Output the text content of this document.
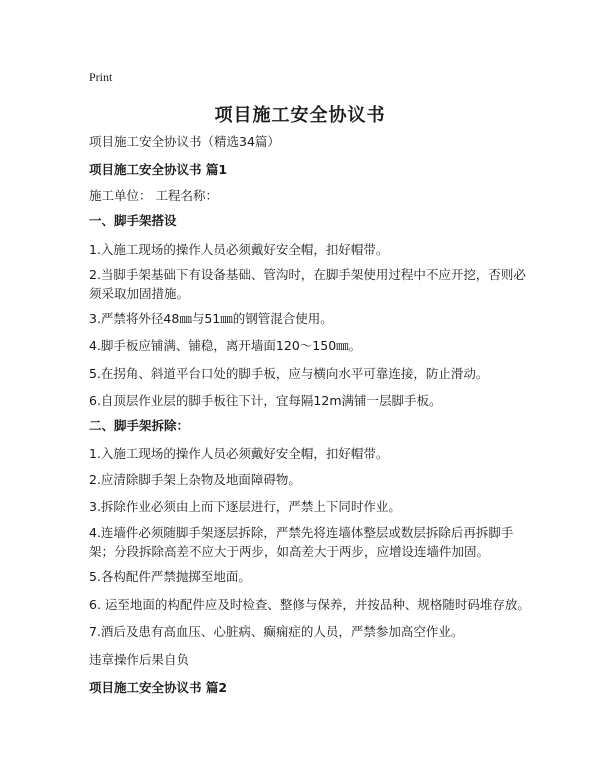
Print
项目施工安全协议书
项目施工安全协议书（精选34篇）
项目施工安全协议书 篇1
施工单位： 工程名称：
一、脚手架搭设
1.入施工现场的操作人员必须戴好安全帽，扣好帽带。
2.当脚手架基础下有设备基础、管沟时，在脚手架使用过程中不应开挖，否则必须采取加固措施。
3.严禁将外径48㎜与51㎜的钢管混合使用。
4.脚手板应铺满、铺稳，离开墙面120～150㎜。
5.在拐角、斜道平台口处的脚手板，应与横向水平可靠连接，防止滑动。
6.自顶层作业层的脚手板往下计，宜每隔12m满铺一层脚手板。
二、脚手架拆除：
1.入施工现场的操作人员必须戴好安全帽，扣好帽带。
2.应清除脚手架上杂物及地面障碍物。
3.拆除作业必须由上而下逐层进行，严禁上下同时作业。
4.连墙件必须随脚手架逐层拆除，严禁先将连墙体整层或数层拆除后再拆脚手架；分段拆除高差不应大于两步，如高差大于两步，应增设连墙件加固。
5.各构配件严禁抛掷至地面。
6. 运至地面的构配件应及时检查、整修与保养，并按品种、规格随时码堆存放。
7.酒后及患有高血压、心脏病、癫痫症的人员，严禁参加高空作业。
违章操作后果自负
项目施工安全协议书 篇2
